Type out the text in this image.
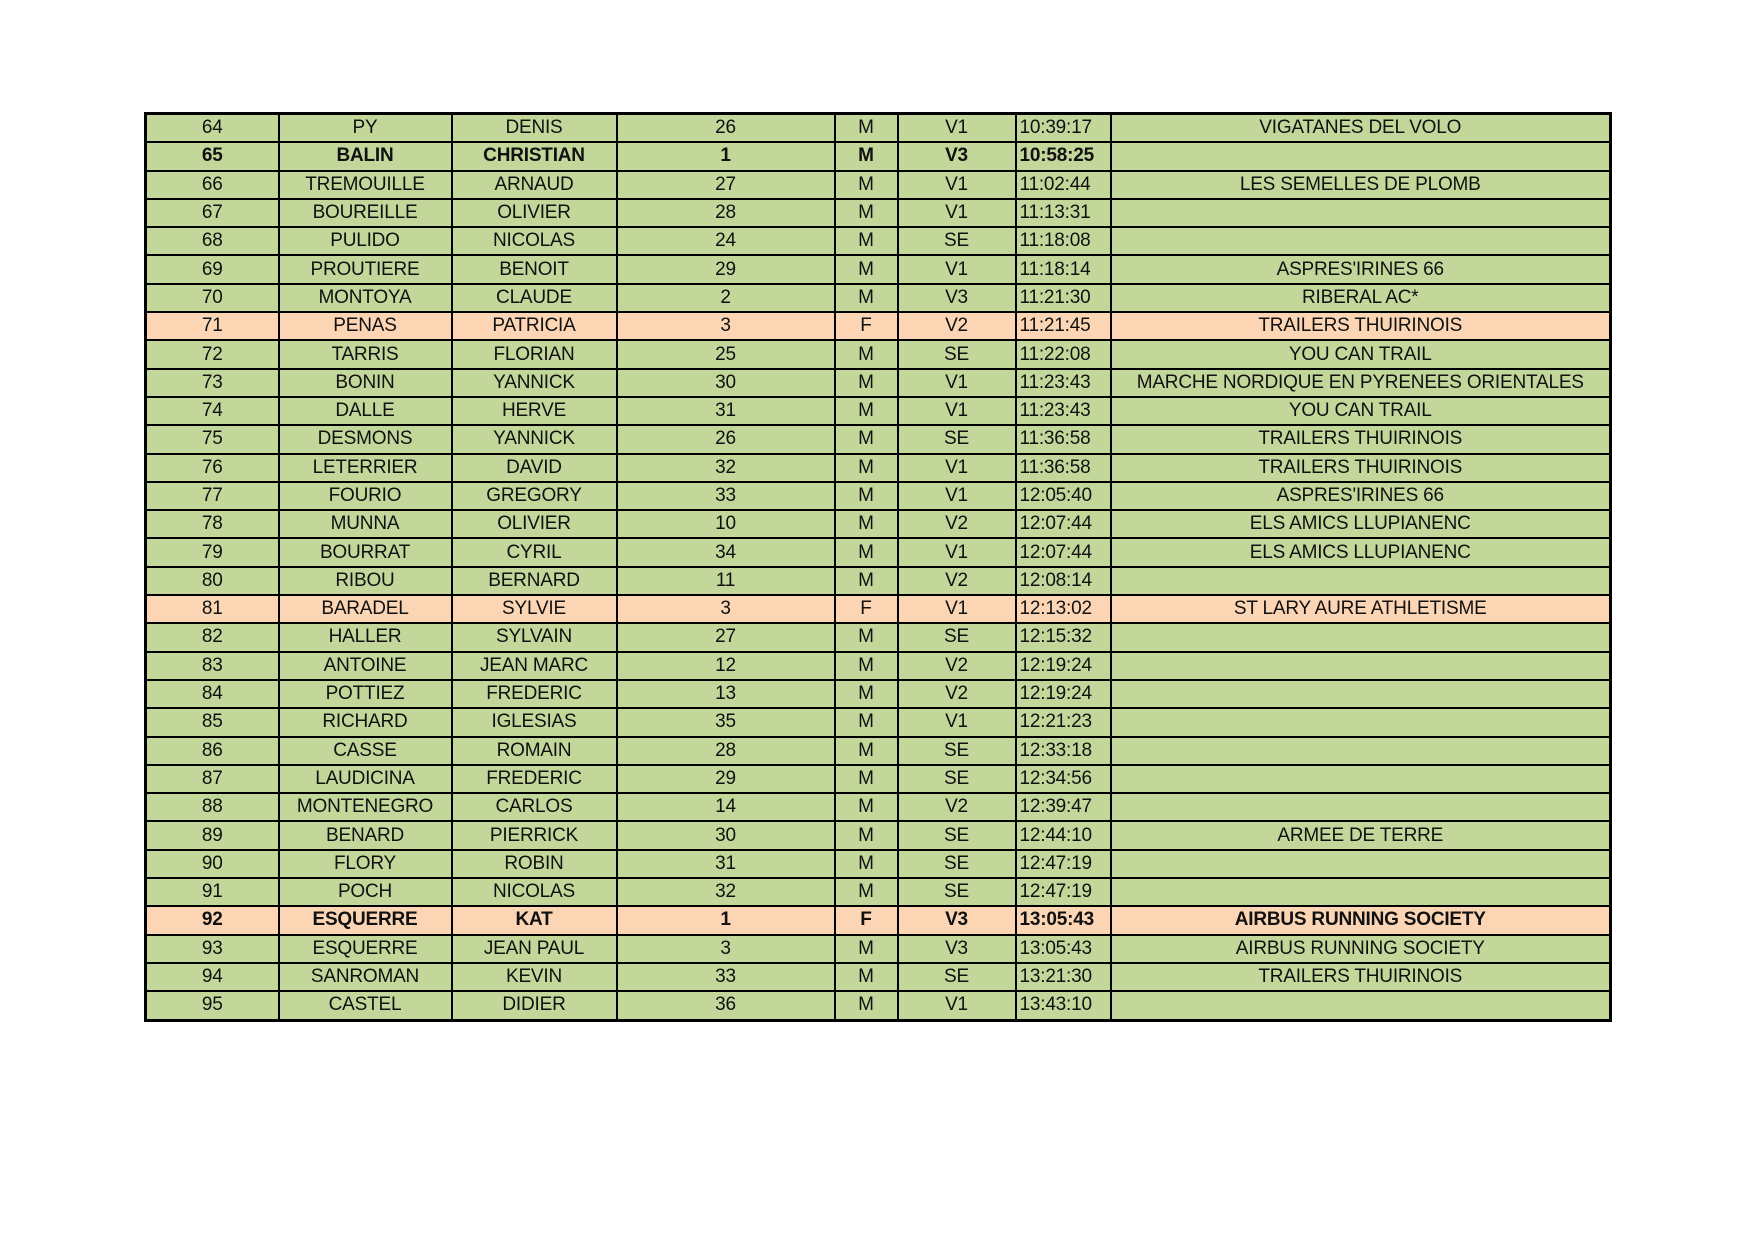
64	PY	DENIS	26	M	V1	10:39:17	VIGATANES DEL VOLO
65	BALIN	CHRISTIAN	1	M	V3	10:58:25	
66	TREMOUILLE	ARNAUD	27	M	V1	11:02:44	LES SEMELLES DE PLOMB
67	BOUREILLE	OLIVIER	28	M	V1	11:13:31	
68	PULIDO	NICOLAS	24	M	SE	11:18:08	
69	PROUTIERE	BENOIT	29	M	V1	11:18:14	ASPRES'IRINES 66
70	MONTOYA	CLAUDE	2	M	V3	11:21:30	RIBERAL AC*
71	PENAS	PATRICIA	3	F	V2	11:21:45	TRAILERS THUIRINOIS
72	TARRIS	FLORIAN	25	M	SE	11:22:08	YOU CAN TRAIL
73	BONIN	YANNICK	30	M	V1	11:23:43	MARCHE NORDIQUE EN PYRENEES ORIENTALES
74	DALLE	HERVE	31	M	V1	11:23:43	YOU CAN TRAIL
75	DESMONS	YANNICK	26	M	SE	11:36:58	TRAILERS THUIRINOIS
76	LETERRIER	DAVID	32	M	V1	11:36:58	TRAILERS THUIRINOIS
77	FOURIO	GREGORY	33	M	V1	12:05:40	ASPRES'IRINES 66
78	MUNNA	OLIVIER	10	M	V2	12:07:44	ELS AMICS LLUPIANENC
79	BOURRAT	CYRIL	34	M	V1	12:07:44	ELS AMICS LLUPIANENC
80	RIBOU	BERNARD	11	M	V2	12:08:14	
81	BARADEL	SYLVIE	3	F	V1	12:13:02	ST LARY AURE ATHLETISME
82	HALLER	SYLVAIN	27	M	SE	12:15:32	
83	ANTOINE	JEAN MARC	12	M	V2	12:19:24	
84	POTTIEZ	FREDERIC	13	M	V2	12:19:24	
85	RICHARD	IGLESIAS	35	M	V1	12:21:23	
86	CASSE	ROMAIN	28	M	SE	12:33:18	
87	LAUDICINA	FREDERIC	29	M	SE	12:34:56	
88	MONTENEGRO	CARLOS	14	M	V2	12:39:47	
89	BENARD	PIERRICK	30	M	SE	12:44:10	ARMEE DE TERRE
90	FLORY	ROBIN	31	M	SE	12:47:19	
91	POCH	NICOLAS	32	M	SE	12:47:19	
92	ESQUERRE	KAT	1	F	V3	13:05:43	AIRBUS RUNNING SOCIETY
93	ESQUERRE	JEAN PAUL	3	M	V3	13:05:43	AIRBUS RUNNING SOCIETY
94	SANROMAN	KEVIN	33	M	SE	13:21:30	TRAILERS THUIRINOIS
95	CASTEL	DIDIER	36	M	V1	13:43:10	
